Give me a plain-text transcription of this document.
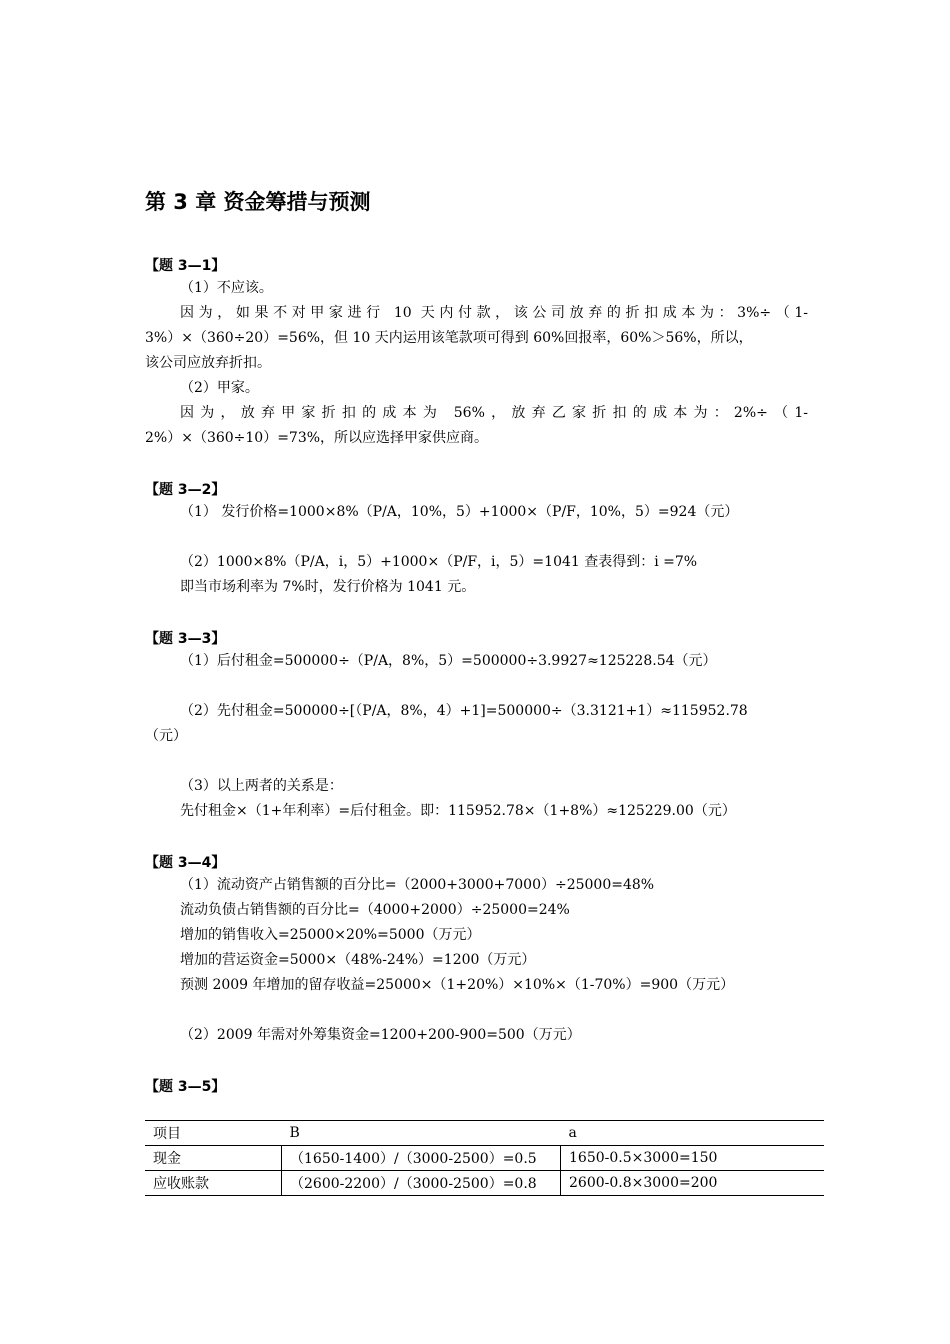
第 3 章 资金筹措与预测
【题 3—1】
（1）不应该。
因为，如果不对甲家进行 10 天内付款，该公司放弃的折扣成本为：3%÷（1-
3%）×（360÷20）=56%，但 10 天内运用该笔款项可得到 60%回报率，60%＞56%，所以，
该公司应放弃折扣。
（2）甲家。
因为，放弃甲家折扣的成本为 56%，放弃乙家折扣的成本为：2%÷（1-
2%）×（360÷10）=73%，所以应选择甲家供应商。
【题 3—2】
（1） 发行价格=1000×8%（P/A，10%，5）+1000×（P/F，10%，5）=924（元）
（2）1000×8%（P/A，i，5）+1000×（P/F，i，5）=1041 查表得到：i =7%
即当市场利率为 7%时，发行价格为 1041 元。
【题 3—3】
（1）后付租金=500000÷（P/A，8%，5）=500000÷3.9927≈125228.54（元）
（2）先付租金=500000÷[（P/A，8%，4）+1]=500000÷（3.3121+1）≈115952.78
（元）
（3）以上两者的关系是：
先付租金×（1+年利率）=后付租金。即：115952.78×（1+8%）≈125229.00（元）
【题 3—4】
（1）流动资产占销售额的百分比=（2000+3000+7000）÷25000=48%
流动负债占销售额的百分比=（4000+2000）÷25000=24%
增加的销售收入=25000×20%=5000（万元）
增加的营运资金=5000×（48%-24%）=1200（万元）
预测 2009 年增加的留存收益=25000×（1+20%）×10%×（1-70%）=900（万元）
（2）2009 年需对外筹集资金=1200+200-900=500（万元）
【题 3—5】
项目	B	a
现金	（1650-1400）/（3000-2500）=0.5	1650-0.5×3000=150
应收账款	（2600-2200）/（3000-2500）=0.8	2600-0.8×3000=200
